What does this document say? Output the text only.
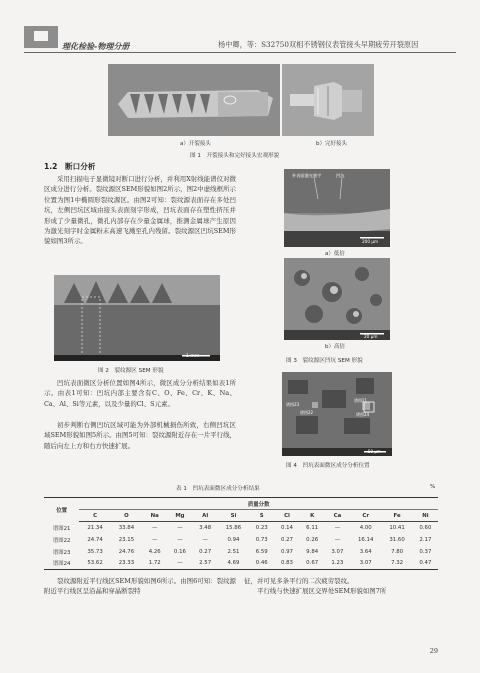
理化检验-物理分册	杨中卿，等：S32750双相不锈钢仪表管接头早期疲劳开裂原因
a）开裂接头	b）完好接头
图 1　开裂接头和完好接头宏观形貌
1.2　断口分析
采用扫描电子显微镜对断口进行分析，并利用X射线能谱仪对微区成分进行分析。裂纹源区SEM形貌如图2所示，图2中虚线框所示位置为图1中椭圆形裂纹源区。由图2可知：裂纹源表面存在多处凹坑，左侧凹坑区域由接头表面刻字形成，凹坑表面存在塑性挤压并形成了少量微孔，微孔内部存在少量金属球，推测金属球产生原因为激光刻字时金属粉末高速飞溅至孔内残留。裂纹源区凹坑SEM形貌如图3所示。
1 mm
图 2　裂纹源区 SEM 形貌
外表面激光刻字	凹坑
200 μm
a）低倍
20 μm
b）高倍
图 3　裂纹源区凹坑 SEM 形貌
凹坑表面微区分析位置如图4所示，微区成分分析结果如表1所示。由表1可知：凹坑内部主要含有C、O、Fe、Cr、K、Na、Ca、Al、Si等元素，以及少量的Cl、S元素。
初步判断右侧凹坑区域可能为外部机械损伤所致，右侧凹坑区域SEM形貌如图5所示。由图5可知：裂纹源附近存在一片平行线，随后向左上方和右方快速扩展。
谱图21
谱图22
谱图23
谱图24
50 μm
图 4　凹坑表面微区成分分析位置
表 1　凹坑表面微区成分分析结果	%
位置	质量分数												
	C	O	Na	Mg	Al	Si	S	Cl	K	Ca	Cr	Fe	Ni
谱图21	21.34	33.84	—	—	3.48	15.86	0.23	0.14	6.11	—	4.00	10.41	0.60
谱图22	24.74	23.15	—	—	—	0.94	0.73	0.27	0.26	—	16.14	31.60	2.17
谱图23	35.73	24.76	4.26	0.16	0.27	2.51	6.59	0.97	9.84	3.07	3.64	7.80	0.37
谱图24	53.62	23.33	1.72	—	2.57	4.69	0.46	0.83	0.67	1.23	3.07	7.32	0.47
裂纹源附近平行线区SEM形貌如图6所示。由图6可知：裂纹源附近平行线区呈沿晶和穿晶断裂特
征，并可见多条平行的二次疲劳裂纹。
平行线与快速扩展区交界处SEM形貌如图7所
29
